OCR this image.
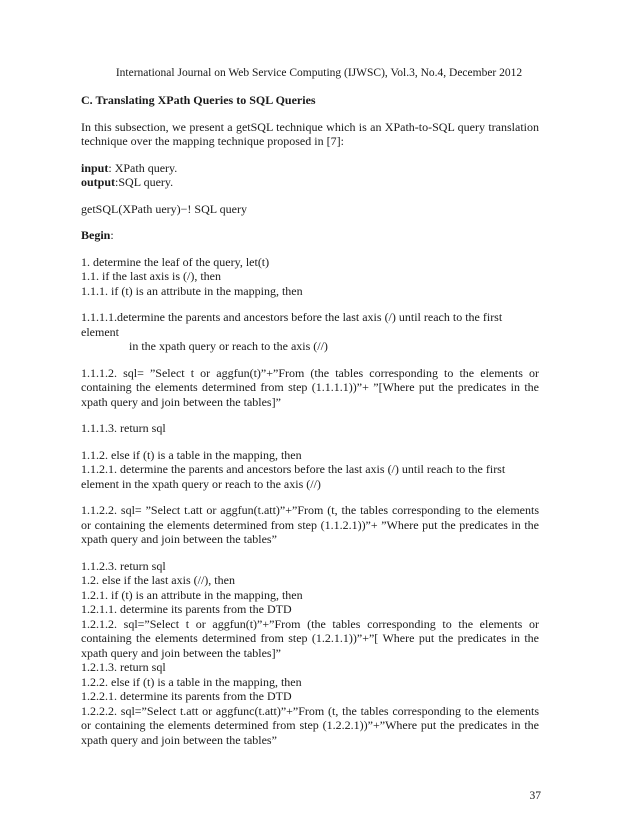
International Journal on Web Service Computing (IJWSC), Vol.3, No.4, December 2012

C. Translating XPath Queries to SQL Queries

In this subsection, we present a getSQL technique which is an XPath-to-SQL query translation technique over the mapping technique proposed in [7]:

input: XPath query.

output:SQL query.

getSQL(XPath uery)−! SQL query

Begin:

1. determine the leaf of the query, let(t)

1.1. if the last axis is (/), then

1.1.1. if (t) is an attribute in the mapping, then

1.1.1.1.determine the parents and ancestors before the last axis (/) until reach to the first element

in the xpath query or reach to the axis (//)

1.1.1.2. sql= ”Select t or aggfun(t)”+”From (the tables corresponding to the elements or containing the elements determined from step (1.1.1.1))”+ ”[Where put the predicates in the xpath query and join between the tables]”

1.1.1.3. return sql

1.1.2. else if (t) is a table in the mapping, then

1.1.2.1. determine the parents and ancestors before the last axis (/) until reach to the first element in the xpath query or reach to the axis (//)

1.1.2.2. sql= ”Select t.att or aggfun(t.att)”+”From (t, the tables corresponding to the elements or containing the elements determined from step (1.1.2.1))”+ ”Where put the predicates in the xpath query and join between the tables”

1.1.2.3. return sql

1.2. else if the last axis (//), then

1.2.1. if (t) is an attribute in the mapping, then

1.2.1.1. determine its parents from the DTD

1.2.1.2. sql=”Select t or aggfun(t)”+”From (the tables corresponding to the elements or containing the elements determined from step (1.2.1.1))”+”[ Where put the predicates in the xpath query and join between the tables]”

1.2.1.3. return sql

1.2.2. else if (t) is a table in the mapping, then

1.2.2.1. determine its parents from the DTD

1.2.2.2. sql=”Select t.att or aggfunc(t.att)”+”From (t, the tables corresponding to the elements or containing the elements determined from step (1.2.2.1))”+”Where put the predicates in the xpath query and join between the tables”

37
